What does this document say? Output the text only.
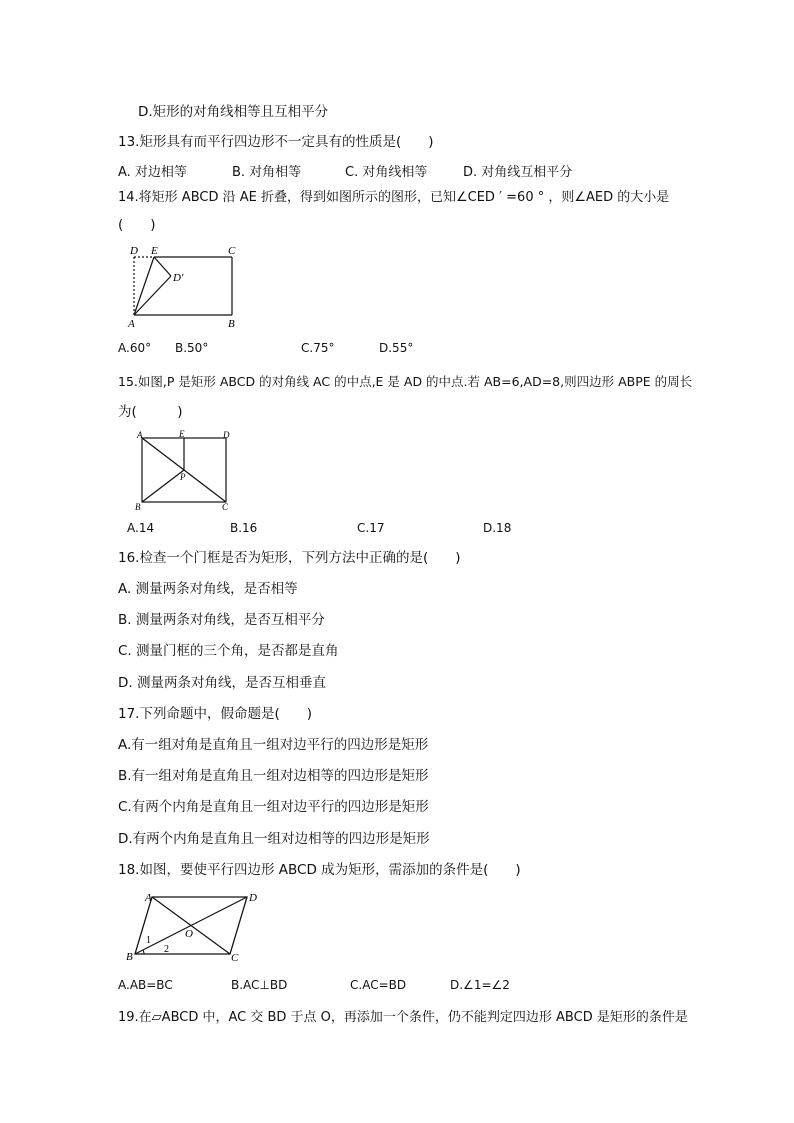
D.矩形的对角线相等且互相平分
13.矩形具有而平行四边形不一定具有的性质是(　　)
A. 对边相等	B. 对角相等	C. 对角线相等	D. 对角线互相平分
14.将矩形 ABCD 沿 AE 折叠，得到如图所示的图形，已知∠CED ′ =60 ° ，则∠AED 的大小是
(　　)
D E	C
D′
A	B
A.60° B.50°	C.75°	D.55°
15.如图,P 是矩形 ABCD 的对角线 AC 的中点,E 是 AD 的中点.若 AB=6,AD=8,则四边形 ABPE 的周长
为(　　　)
A	E	D
P
B	C
A.14	B.16	C.17	D.18
16.检查一个门框是否为矩形，下列方法中正确的是(　　)
A. 测量两条对角线，是否相等
B. 测量两条对角线，是否互相平分
C. 测量门框的三个角，是否都是直角
D. 测量两条对角线，是否互相垂直
17.下列命题中，假命题是(　　)
A.有一组对角是直角且一组对边平行的四边形是矩形
B.有一组对角是直角且一组对边相等的四边形是矩形
C.有两个内角是直角且一组对边平行的四边形是矩形
D.有两个内角是直角且一组对边相等的四边形是矩形
18.如图，要使平行四边形 ABCD 成为矩形，需添加的条件是(　　)
A	D
O
B	C
1
2
A.AB=BC	B.AC⊥BD	C.AC=BD	D.∠1=∠2
19.在▱ABCD 中，AC 交 BD 于点 O，再添加一个条件，仍不能判定四边形 ABCD 是矩形的条件是
